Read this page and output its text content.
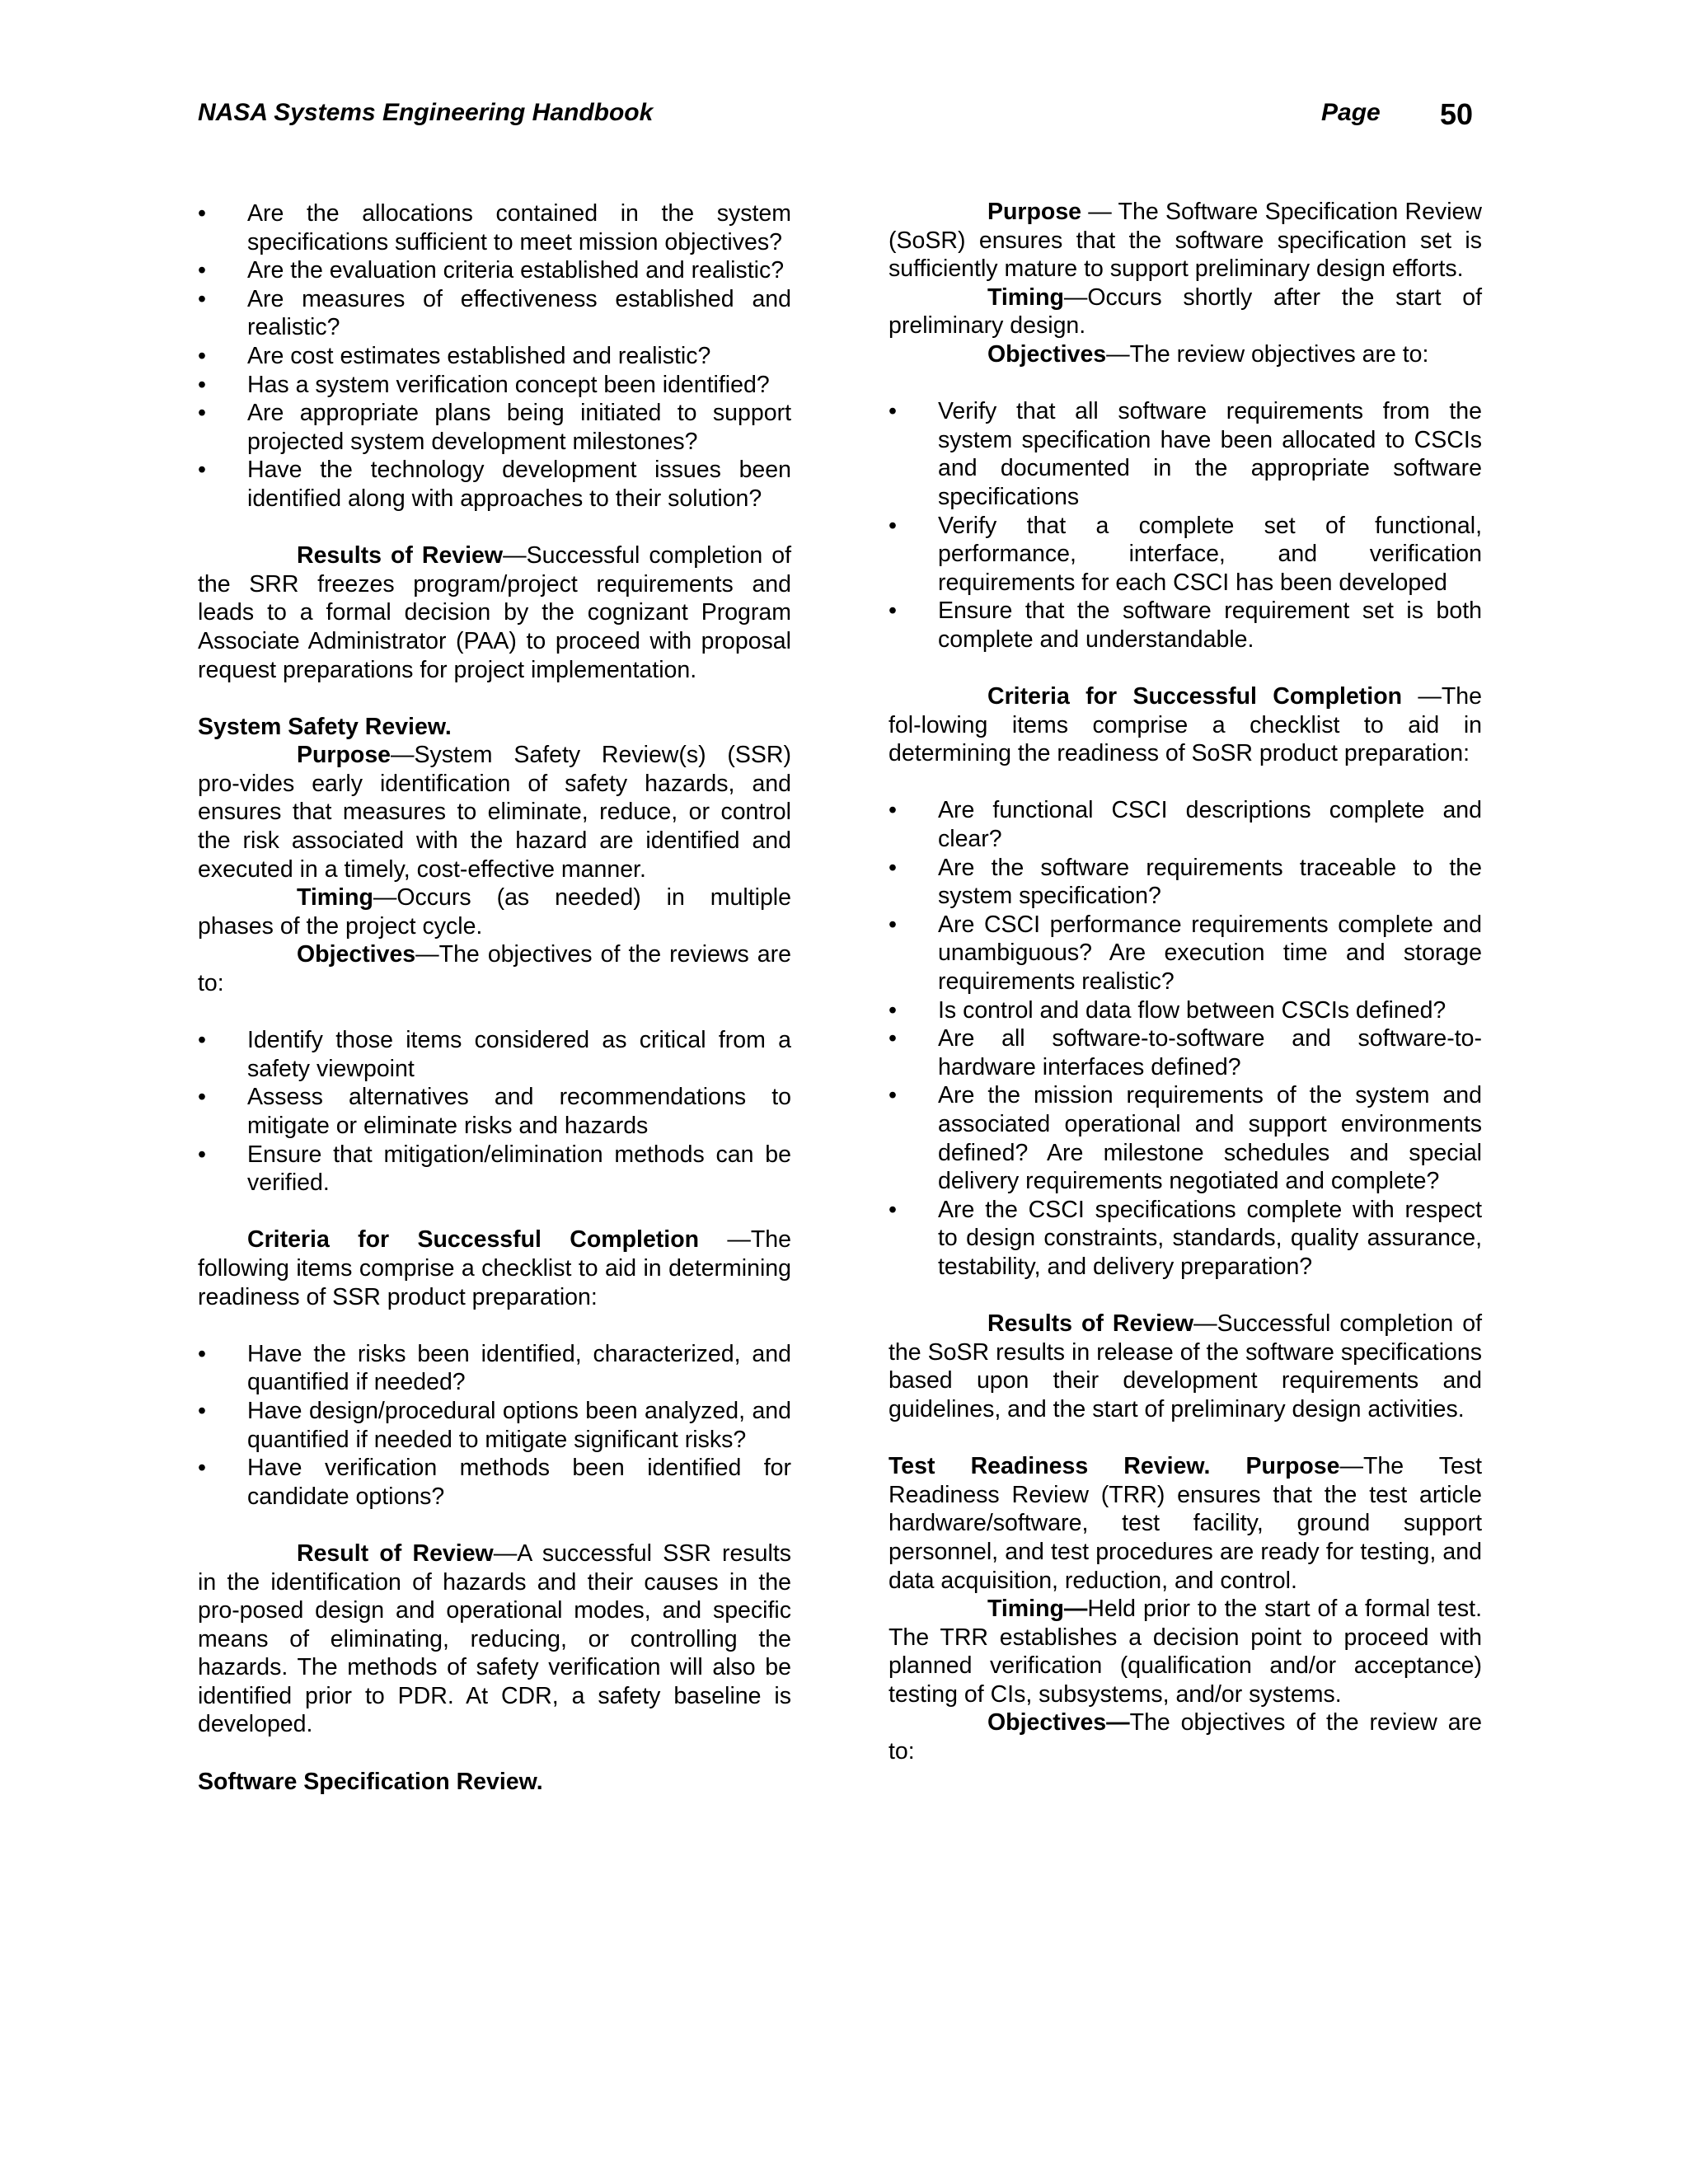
NASA Systems Engineering Handbook	Page 50
• Are the allocations contained in the system specifications sufficient to meet mission objectives?
• Are the evaluation criteria established and realistic?
• Are measures of effectiveness established and realistic?
• Are cost estimates established and realistic?
• Has a system verification concept been identified?
• Are appropriate plans being initiated to support projected system development milestones?
• Have the technology development issues been identified along with approaches to their solution?

Results of Review—Successful completion of the SRR freezes program/project requirements and leads to a formal decision by the cognizant Program Associate Administrator (PAA) to proceed with proposal request preparations for project implementation.

System Safety Review.

Purpose—System Safety Review(s) (SSR) pro-vides early identification of safety hazards, and ensures that measures to eliminate, reduce, or control the risk associated with the hazard are identified and executed in a timely, cost-effective manner.

Timing—Occurs (as needed) in multiple phases of the project cycle.

Objectives—The objectives of the reviews are to:

• Identify those items considered as critical from a safety viewpoint
• Assess alternatives and recommendations to mitigate or eliminate risks and hazards
• Ensure that mitigation/elimination methods can be verified.

Criteria for Successful Completion —The following items comprise a checklist to aid in determining readiness of SSR product preparation:

• Have the risks been identified, characterized, and quantified if needed?
• Have design/procedural options been analyzed, and quantified if needed to mitigate significant risks?
• Have verification methods been identified for candidate options?

Result of Review—A successful SSR results in the identification of hazards and their causes in the pro-posed design and operational modes, and specific means of eliminating, reducing, or controlling the hazards. The methods of safety verification will also be identified prior to PDR. At CDR, a safety baseline is developed.

Software Specification Review.

Purpose — The Software Specification Review (SoSR) ensures that the software specification set is sufficiently mature to support preliminary design efforts.

Timing—Occurs shortly after the start of preliminary design.

Objectives—The review objectives are to:

• Verify that all software requirements from the system specification have been allocated to CSCIs and documented in the appropriate software specifications
• Verify that a complete set of functional, performance, interface, and verification requirements for each CSCI has been developed
• Ensure that the software requirement set is both complete and understandable.

Criteria for Successful Completion —The fol-lowing items comprise a checklist to aid in determining the readiness of SoSR product preparation:

• Are functional CSCI descriptions complete and clear?
• Are the software requirements traceable to the system specification?
• Are CSCI performance requirements complete and unambiguous? Are execution time and storage requirements realistic?
• Is control and data flow between CSCIs defined?
• Are all software-to-software and software-to-hardware interfaces defined?
• Are the mission requirements of the system and associated operational and support environments defined? Are milestone schedules and special delivery requirements negotiated and complete?
• Are the CSCI specifications complete with respect to design constraints, standards, quality assurance, testability, and delivery preparation?

Results of Review—Successful completion of the SoSR results in release of the software specifications based upon their development requirements and guidelines, and the start of preliminary design activities.

Test Readiness Review. Purpose—The Test Readiness Review (TRR) ensures that the test article hardware/software, test facility, ground support personnel, and test procedures are ready for testing, and data acquisition, reduction, and control.

Timing—Held prior to the start of a formal test. The TRR establishes a decision point to proceed with planned verification (qualification and/or acceptance) testing of CIs, subsystems, and/or systems.

Objectives—The objectives of the review are to:
